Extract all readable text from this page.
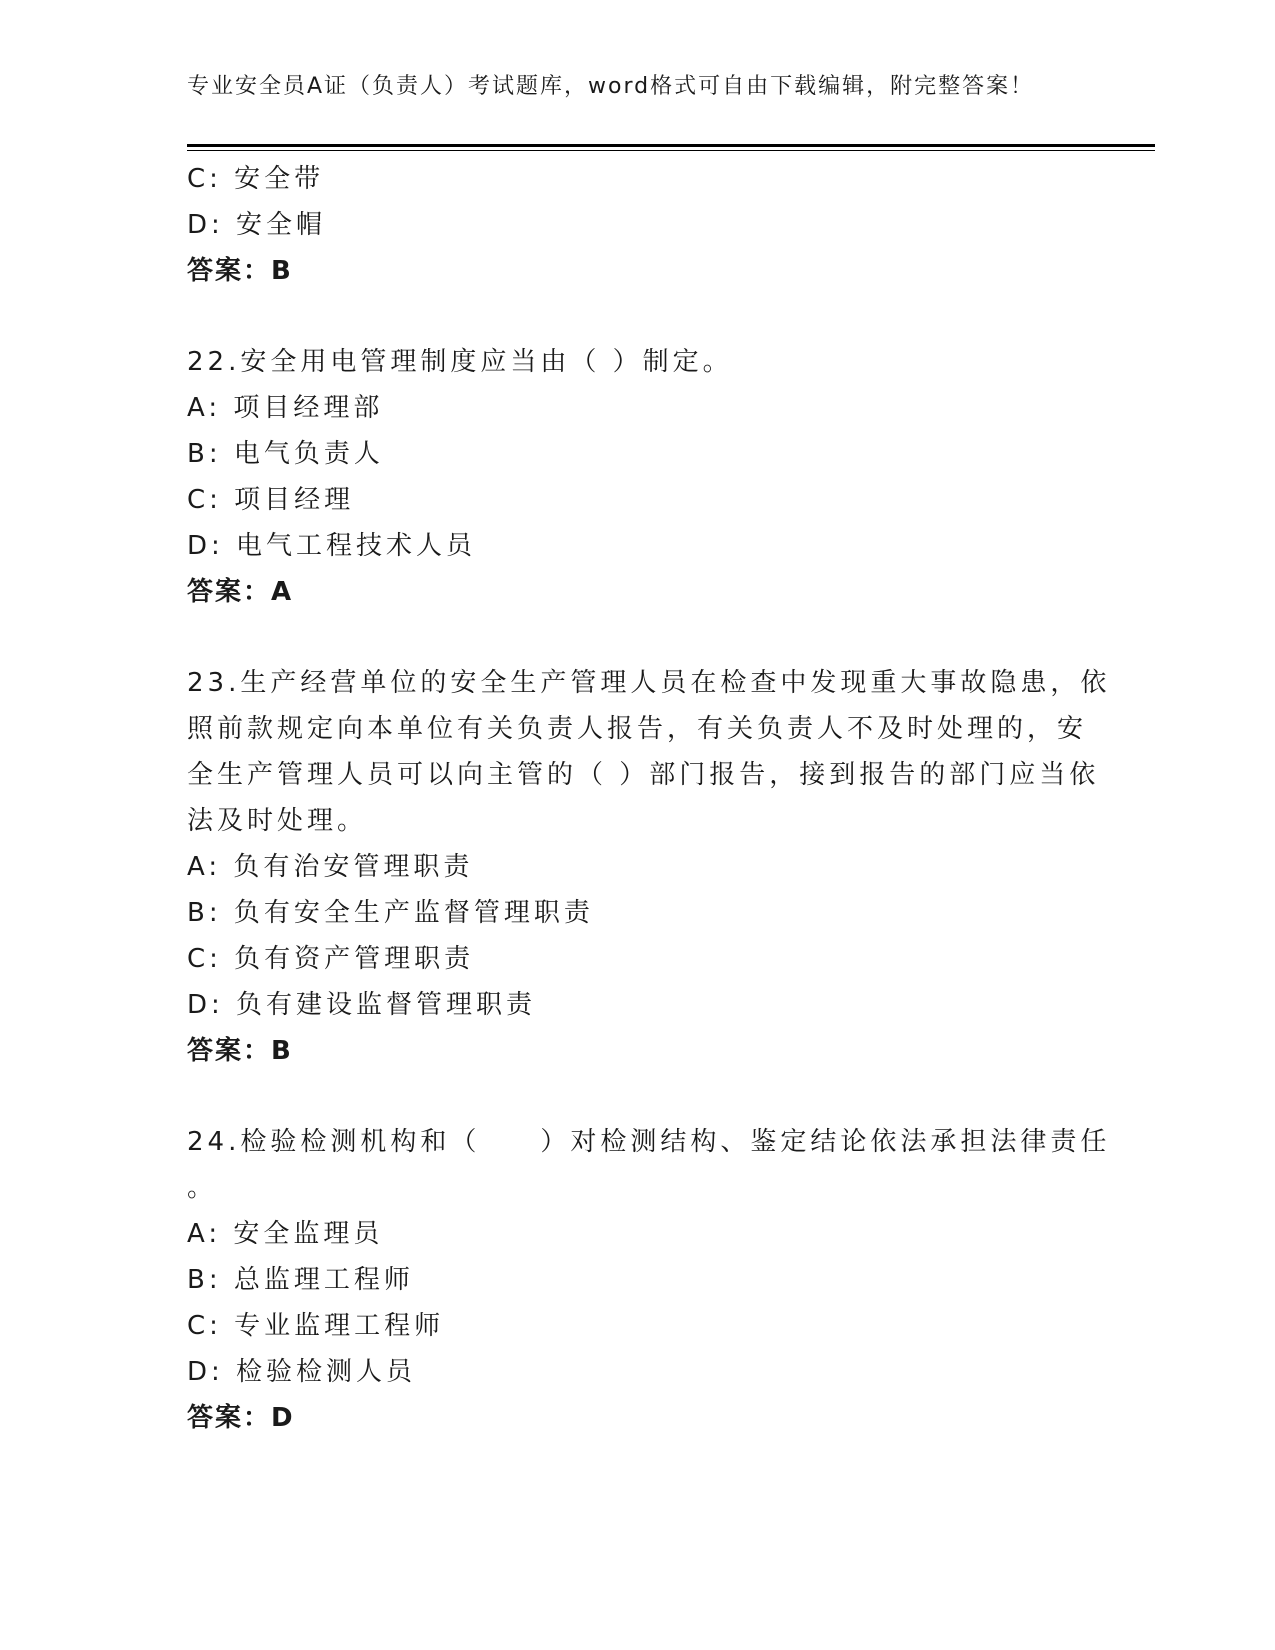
专业安全员A证（负责人）考试题库，word格式可自由下载编辑，附完整答案！
C: 安全带
D: 安全帽
答案：B
22.安全用电管理制度应当由（ ）制定。
A: 项目经理部
B: 电气负责人
C: 项目经理
D: 电气工程技术人员
答案：A
23.生产经营单位的安全生产管理人员在检查中发现重大事故隐患，依
照前款规定向本单位有关负责人报告，有关负责人不及时处理的，安
全生产管理人员可以向主管的（ ）部门报告，接到报告的部门应当依
法及时处理。
A: 负有治安管理职责
B: 负有安全生产监督管理职责
C: 负有资产管理职责
D: 负有建设监督管理职责
答案：B
24.检验检测机构和（　　）对检测结构、鉴定结论依法承担法律责任
。
A: 安全监理员
B: 总监理工程师
C: 专业监理工程师
D: 检验检测人员
答案：D
